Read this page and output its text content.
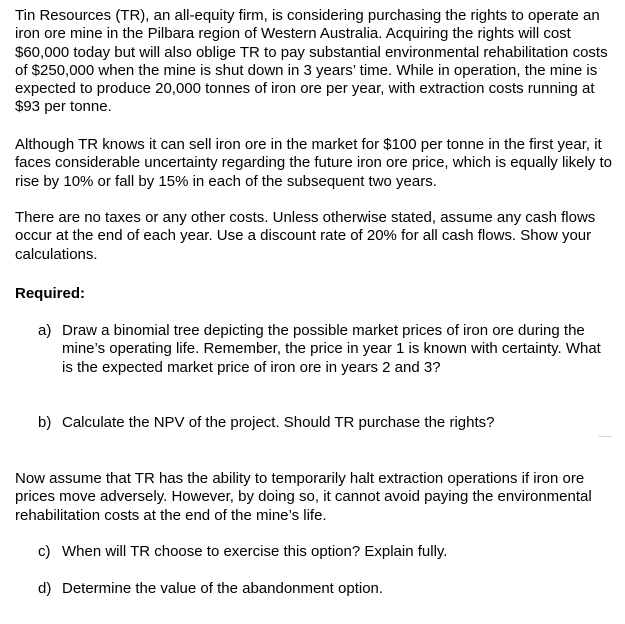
Tin Resources (TR), an all-equity firm, is considering purchasing the rights to operate an iron ore mine in the Pilbara region of Western Australia. Acquiring the rights will cost $60,000 today but will also oblige TR to pay substantial environmental rehabilitation costs of $250,000 when the mine is shut down in 3 years’ time. While in operation, the mine is expected to produce 20,000 tonnes of iron ore per year, with extraction costs running at $93 per tonne.

Although TR knows it can sell iron ore in the market for $100 per tonne in the first year, it faces considerable uncertainty regarding the future iron ore price, which is equally likely to rise by 10% or fall by 15% in each of the subsequent two years.

There are no taxes or any other costs. Unless otherwise stated, assume any cash flows occur at the end of each year. Use a discount rate of 20% for all cash flows. Show your calculations.

Required:

a) Draw a binomial tree depicting the possible market prices of iron ore during the mine’s operating life. Remember, the price in year 1 is known with certainty. What is the expected market price of iron ore in years 2 and 3?
b) Calculate the NPV of the project. Should TR purchase the rights?

Now assume that TR has the ability to temporarily halt extraction operations if iron ore prices move adversely. However, by doing so, it cannot avoid paying the environmental rehabilitation costs at the end of the mine’s life.

c) When will TR choose to exercise this option? Explain fully.
d) Determine the value of the abandonment option.
